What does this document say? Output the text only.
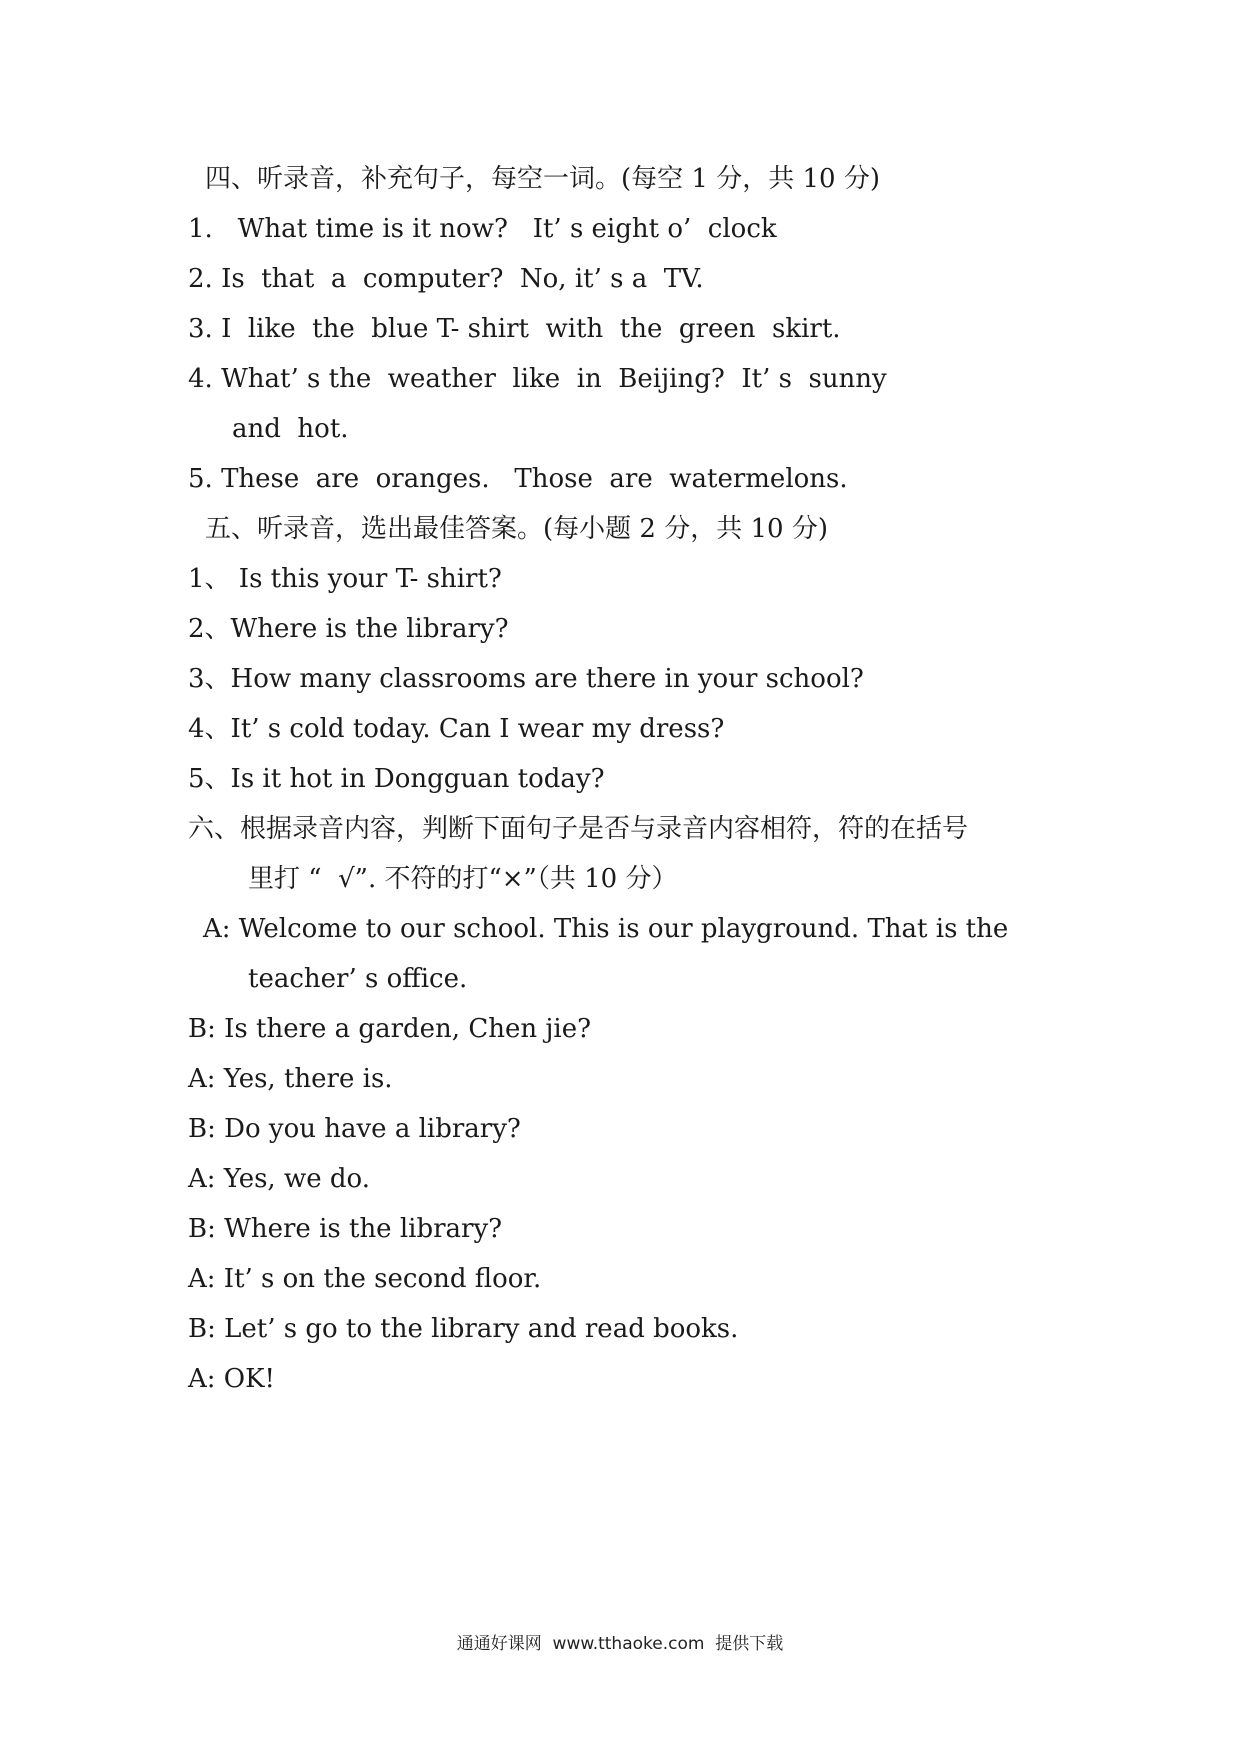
四、听录音，补充句子，每空一词。(每空 1 分，共 10 分)
1.   What time is it now?   It’ s eight o’  clock
2. Is  that  a  computer?  No, it’ s a  TV.
3. I  like  the  blue T- shirt  with  the  green  skirt.
4. What’ s the  weather  like  in  Beijing?  It’ s  sunny
and  hot.
5. These  are  oranges.   Those  are  watermelons.
五、听录音，选出最佳答案。(每小题 2 分，共 10 分)
1、 Is this your T- shirt?
2、Where is the library?
3、How many classrooms are there in your school?
4、It’ s cold today. Can I wear my dress?
5、Is it hot in Dongguan today?
六、根据录音内容，判断下面句子是否与录音内容相符，符的在括号
里打 “  √”. 不符的打“×”（共 10 分）
A: Welcome to our school. This is our playground. That is the
teacher’ s office.
B: Is there a garden, Chen jie?
A: Yes, there is.
B: Do you have a library?
A: Yes, we do.
B: Where is the library?
A: It’ s on the second floor.
B: Let’ s go to the library and read books.
A: OK!
通通好课网  www.tthaoke.com  提供下载
